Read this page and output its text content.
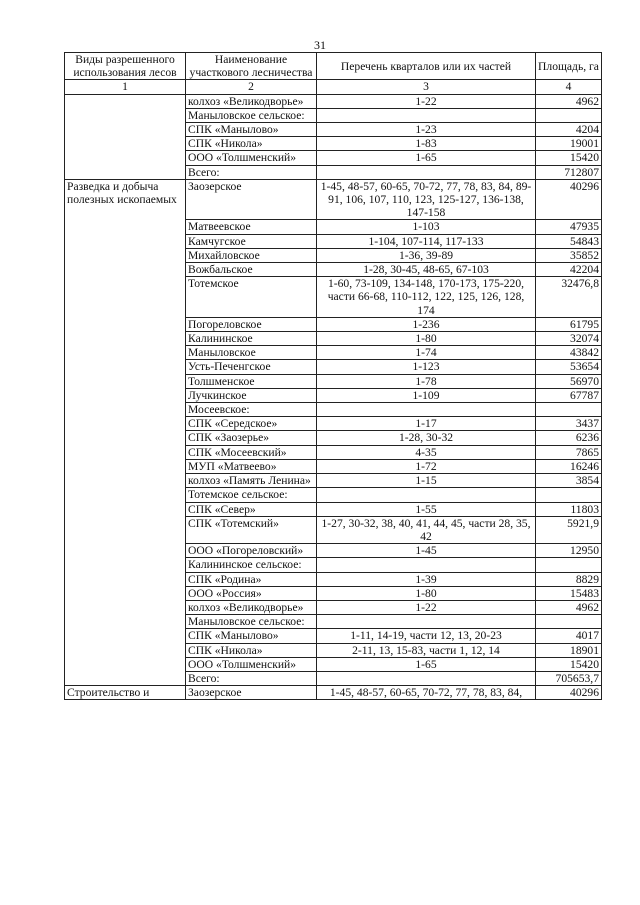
31
Виды разрешенного использования лесов	Наименование участкового лесничества	Перечень кварталов или их частей	Площадь, га
1	2	3	4
	колхоз «Великодворье»	1-22	4962
	Маныловское сельское:		
	СПК «Манылово»	1-23	4204
	СПК «Никола»	1-83	19001
	ООО «Толшменский»	1-65	15420
	Всего:		712807
Разведка и добыча полезных ископаемых	Заозерское	1-45, 48-57, 60-65, 70-72, 77, 78, 83, 84, 89-91, 106, 107, 110, 123, 125-127, 136-138, 147-158	40296
	Матвеевское	1-103	47935
	Камчугское	1-104, 107-114, 117-133	54843
	Михайловское	1-36, 39-89	35852
	Вожбальское	1-28, 30-45, 48-65, 67-103	42204
	Тотемское	1-60, 73-109, 134-148, 170-173, 175-220, части 66-68, 110-112, 122, 125, 126, 128, 174	32476,8
	Погореловское	1-236	61795
	Калининское	1-80	32074
	Маныловское	1-74	43842
	Усть-Печенгское	1-123	53654
	Толшменское	1-78	56970
	Лучкинское	1-109	67787
	Мосеевское:		
	СПК «Середское»	1-17	3437
	СПК «Заозерье»	1-28, 30-32	6236
	СПК «Мосеевский»	4-35	7865
	МУП «Матвеево»	1-72	16246
	колхоз «Память Ленина»	1-15	3854
	Тотемское сельское:		
	СПК «Север»	1-55	11803
	СПК «Тотемский»	1-27, 30-32, 38, 40, 41, 44, 45, части 28, 35, 42	5921,9
	ООО «Погореловский»	1-45	12950
	Калининское сельское:		
	СПК «Родина»	1-39	8829
	ООО «Россия»	1-80	15483
	колхоз «Великодворье»	1-22	4962
	Маныловское сельское:		
	СПК «Манылово»	1-11, 14-19, части 12, 13, 20-23	4017
	СПК «Никола»	2-11, 13, 15-83, части 1, 12, 14	18901
	ООО «Толшменский»	1-65	15420
	Всего:		705653,7
Строительство и	Заозерское	1-45, 48-57, 60-65, 70-72, 77, 78, 83, 84,	40296
